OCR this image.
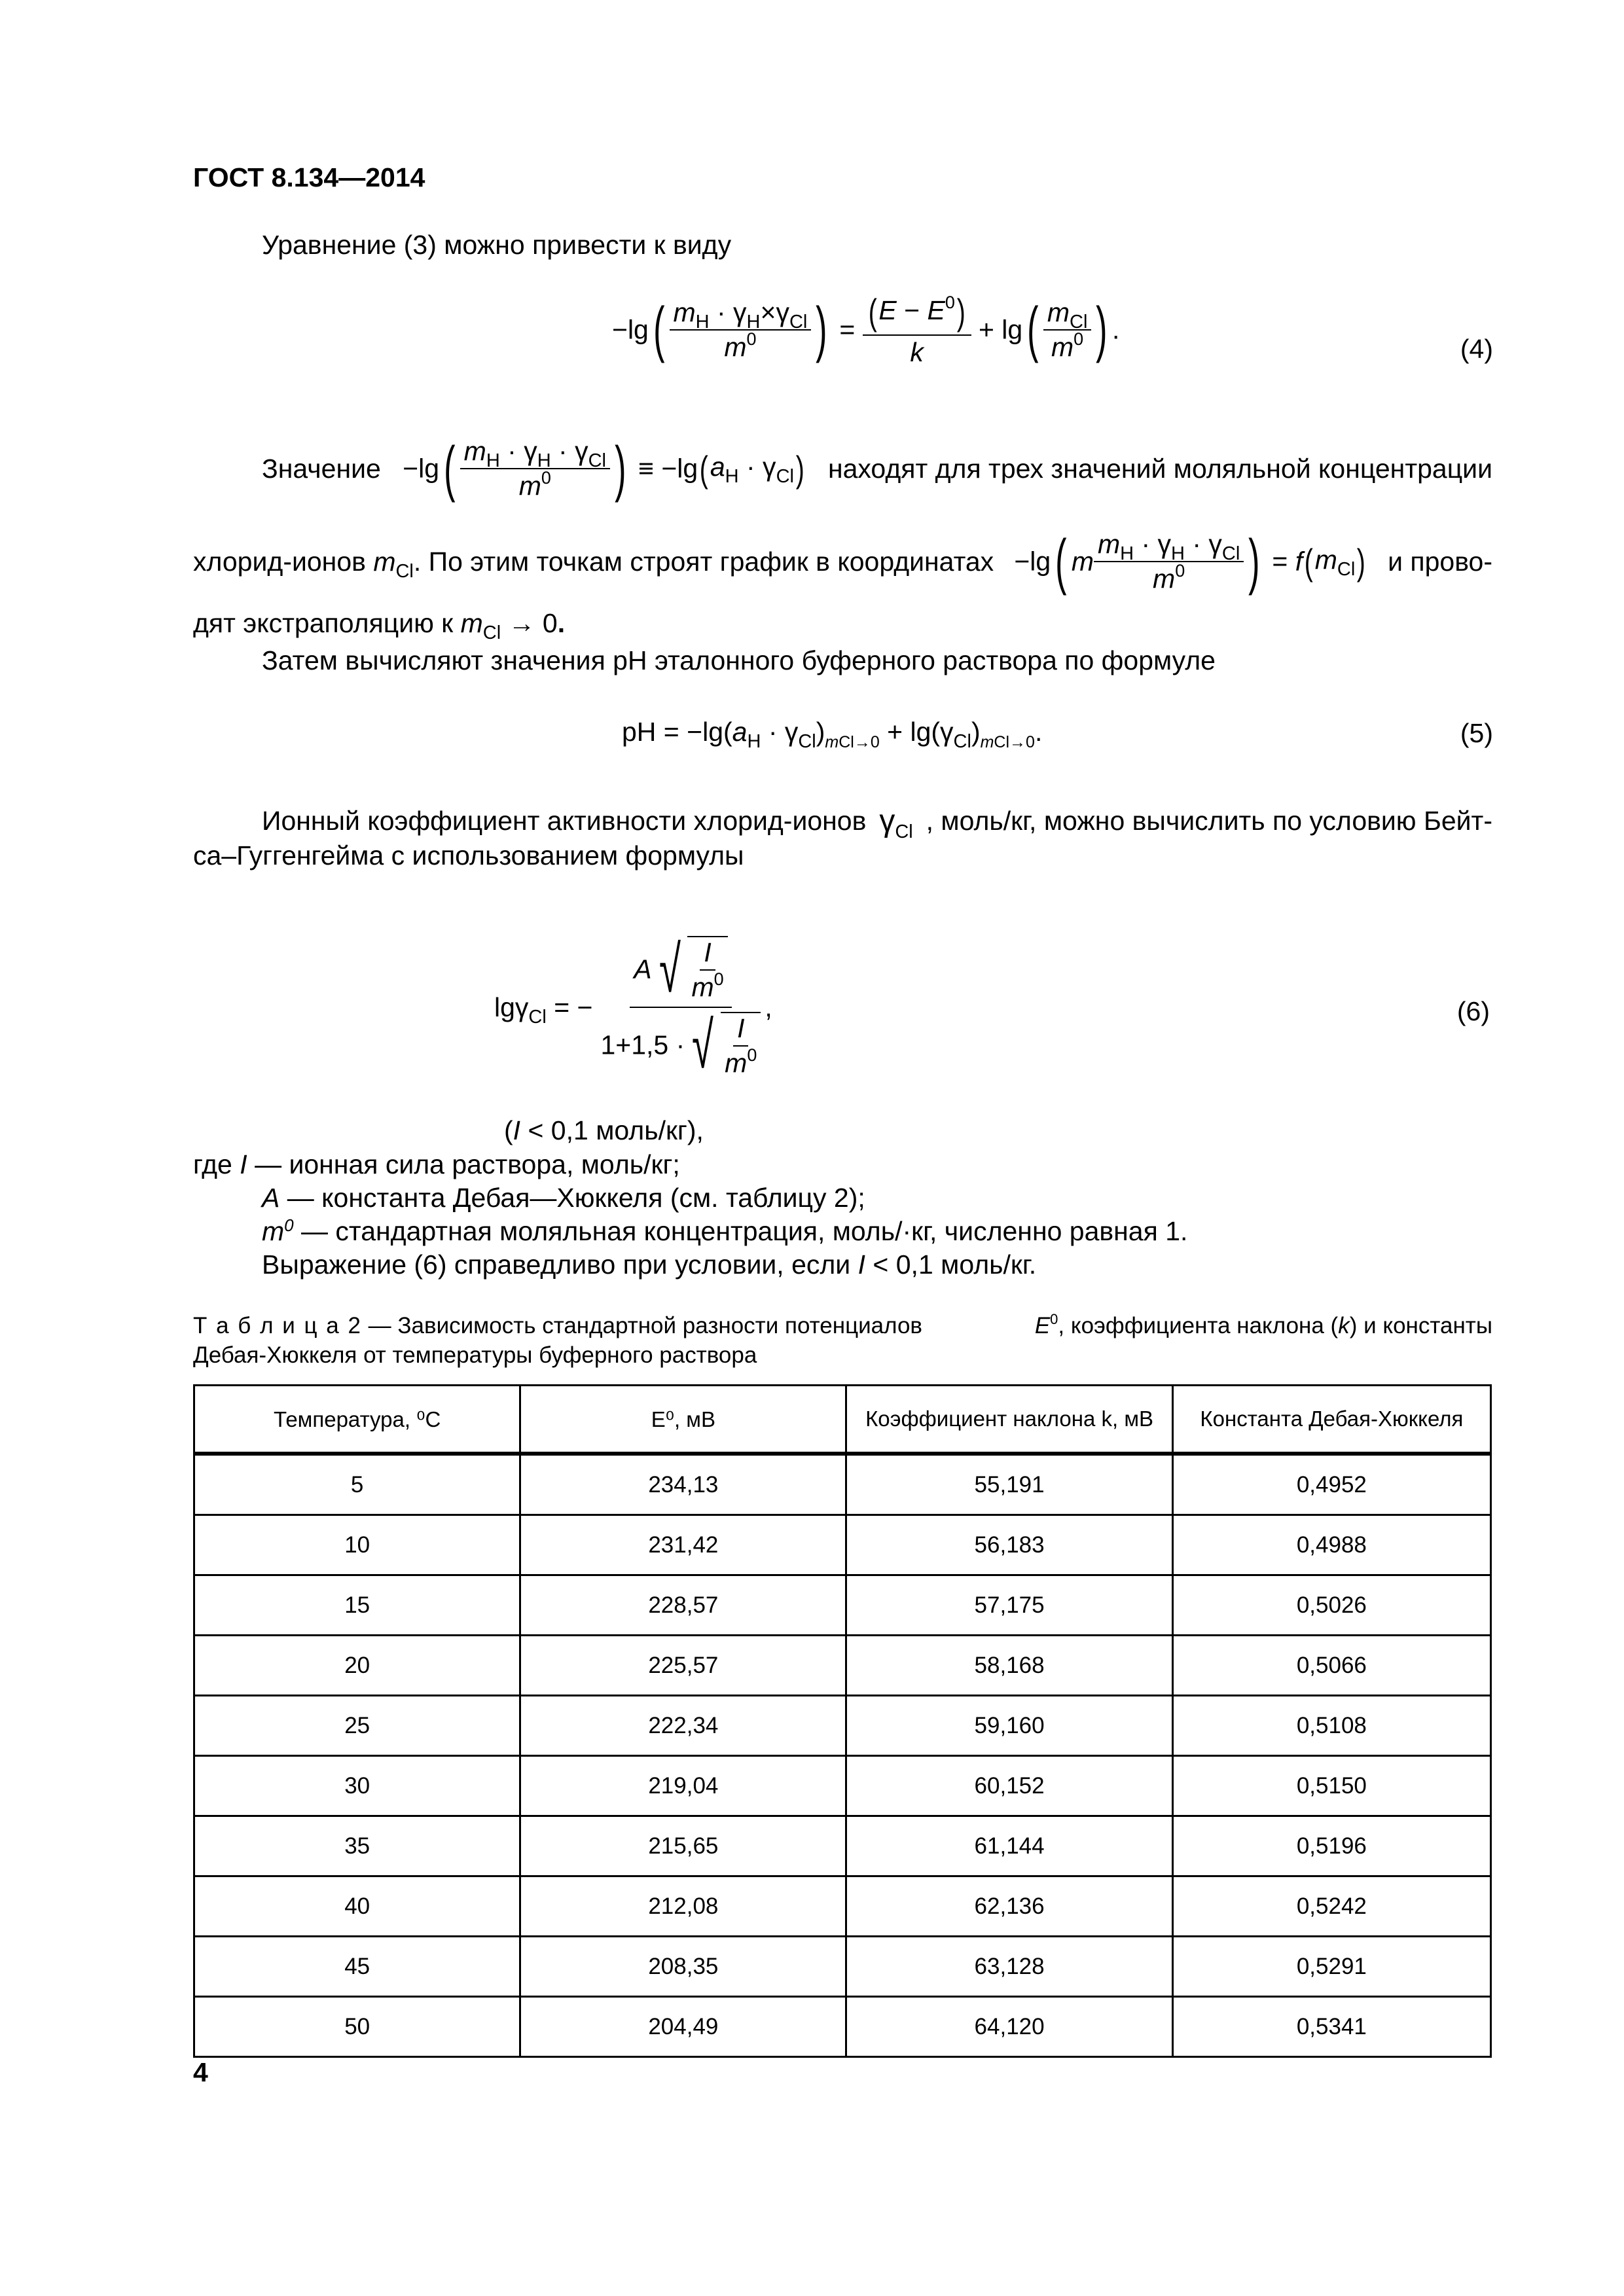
ГОСТ 8.134—2014
Уравнение (3) можно привести к виду
$-\lg( \frac{m_H \cdot \gamma_H\times\gamma_{Cl}}{m^0}$ ) = $\frac{(E - E^0)}{k} + \lg( \frac{m_{Cl}}{m^0}$ ) .
(4)
Значение $-\lg( \frac{m_H \cdot \gamma_H \cdot \gamma_{Cl}}{m^0}$ ) ≡ $-\lg(a_H \cdot \gamma_{Cl})$ находят для трех значений моляльной концентрации
хлорид-ионов $m_{Cl}$. По этим точкам строят график в координатах −lg( m $\frac{m_H \cdot \gamma_H \cdot \gamma_{Cl}}{m^0}$ ) = $f(m_{Cl})$ и прово-
дят экстраполяцию к $m_{Cl} \to 0$.
Затем вычисляют значения pH эталонного буферного раствора по формуле
pH = $-\lg(a_H \cdot \gamma_{Cl})_{mCl\to 0} + \lg(\gamma_{Cl})_{mCl\to 0}$.	(5)
Ионный коэффициент активности хлорид-ионов $\gamma_{Cl}$ , моль/кг, можно вычислить по условию Бейт-
са–Гуггенгейма с использованием формулы
lgγ$_{Cl}$ = − $\frac{A √ \frac{I}{m^0}}{1+1,5 \cdot √ \frac{I}{m^0}}$ ,	(6)
(I < 0,1 моль/кг),
где I — ионная сила раствора, моль/кг;
A — константа Дебая—Хюккеля (см. таблицу 2);
$m^0$ — стандартная моляльная концентрация, моль/·кг, численно равная 1.
Выражение (6) справедливо при условии, если I < 0,1 моль/кг.
Т а б л и ц а 2 — Зависимость стандартной разности потенциалов	$E^0$, коэффициента наклона (k) и константы
Дебая-Хюккеля от температуры буферного раствора
Температура, ⁰С	E⁰, мВ	Коэффициент наклона k, мВ	Константа Дебая-Хюккеля
5	234,13	55,191	0,4952
10	231,42	56,183	0,4988
15	228,57	57,175	0,5026
20	225,57	58,168	0,5066
25	222,34	59,160	0,5108
30	219,04	60,152	0,5150
35	215,65	61,144	0,5196
40	212,08	62,136	0,5242
45	208,35	63,128	0,5291
50	204,49	64,120	0,5341
4
